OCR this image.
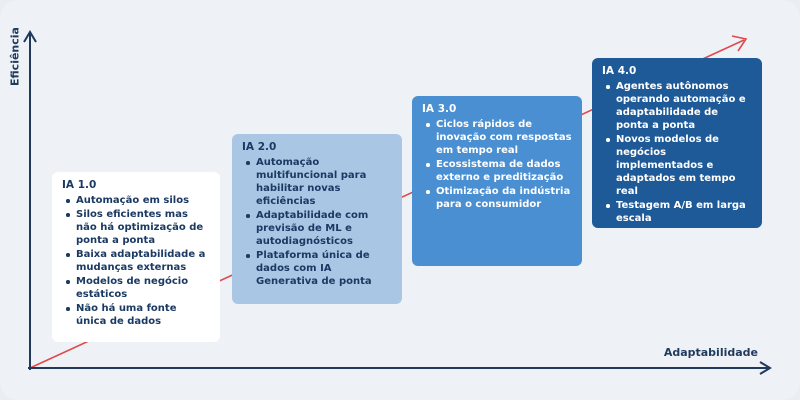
Eficiência
Adaptabilidade
IA 1.0
Automação em silos
Silos eficientes mas não há optimização de ponta a ponta
Baixa adaptabilidade a mudanças externas
Modelos de negócio estáticos
Não há uma fonte única de dados
IA 2.0
Automação multifuncional para habilitar novas eficiências
Adaptabilidade com previsão de ML e autodiagnósticos
Plataforma única de dados com IA Generativa de ponta
IA 3.0
Ciclos rápidos de inovação com respostas em tempo real
Ecossistema de dados externo e preditização
Otimização da indústria para o consumidor
IA 4.0
Agentes autônomos operando automação e adaptabilidade de ponta a ponta
Novos modelos de negócios implementados e adaptados em tempo real
Testagem A/B em larga escala
